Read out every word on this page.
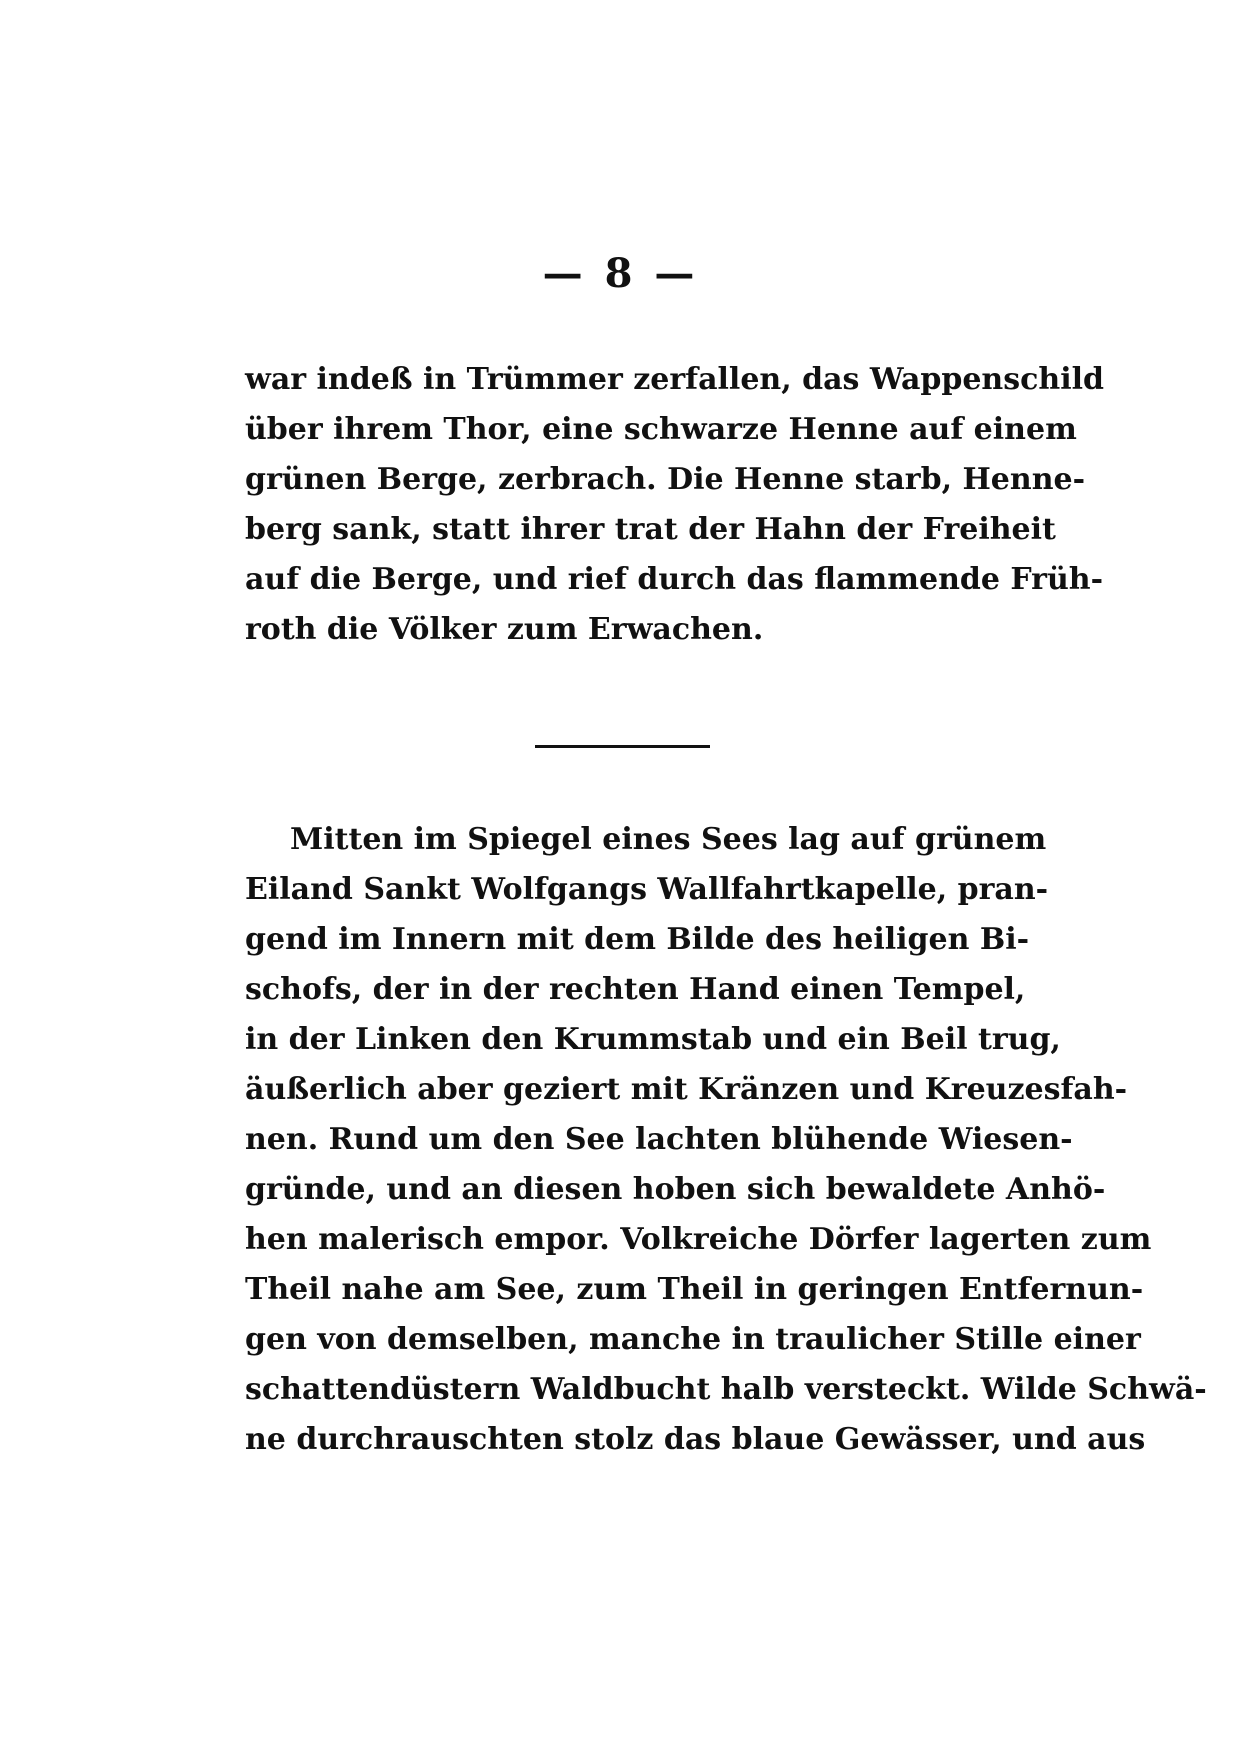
— 8 —
war indeß in Trümmer zerfallen, das Wappenschild
über ihrem Thor, eine schwarze Henne auf einem
grünen Berge, zerbrach. Die Henne starb, Henne-
berg sank, statt ihrer trat der Hahn der Freiheit
auf die Berge, und rief durch das flammende Früh-
roth die Völker zum Erwachen.
Mitten im Spiegel eines Sees lag auf grünem
Eiland Sankt Wolfgangs Wallfahrtkapelle, pran-
gend im Innern mit dem Bilde des heiligen Bi-
schofs, der in der rechten Hand einen Tempel,
in der Linken den Krummstab und ein Beil trug,
äußerlich aber geziert mit Kränzen und Kreuzesfah-
nen. Rund um den See lachten blühende Wiesen-
gründe, und an diesen hoben sich bewaldete Anhö-
hen malerisch empor. Volkreiche Dörfer lagerten zum
Theil nahe am See, zum Theil in geringen Entfernun-
gen von demselben, manche in traulicher Stille einer
schattendüstern Waldbucht halb versteckt. Wilde Schwä-
ne durchrauschten stolz das blaue Gewässer, und aus
